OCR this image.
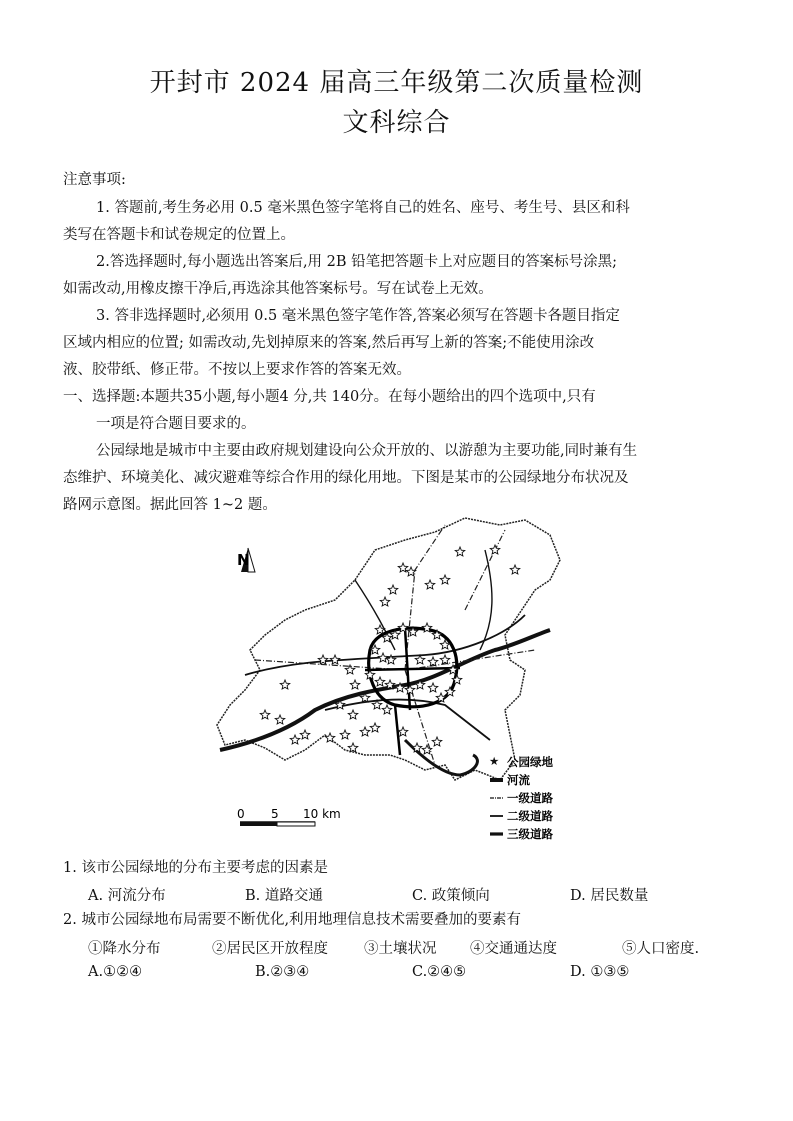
开封市 2024 届高三年级第二次质量检测
文科综合
注意事项:
1. 答题前,考生务必用 0.5 毫米黑色签字笔将自己的姓名、座号、考生号、县区和科
类写在答题卡和试卷规定的位置上。
2.答选择题时,每小题选出答案后,用 2B 铅笔把答题卡上对应题目的答案标号涂黑;
如需改动,用橡皮擦干净后,再选涂其他答案标号。写在试卷上无效。
3. 答非选择题时,必须用 0.5 毫米黑色签字笔作答,答案必须写在答题卡各题目指定
区域内相应的位置; 如需改动,先划掉原来的答案,然后再写上新的答案;不能使用涂改
液、胶带纸、修正带。不按以上要求作答的答案无效。
一、选择题:本题共35小题,每小题4 分,共 140分。在每小题给出的四个选项中,只有
一项是符合题目要求的。
公园绿地是城市中主要由政府规划建设向公众开放的、以游憩为主要功能,同时兼有生
态维护、环境美化、减灾避难等综合作用的绿化用地。下图是某市的公园绿地分布状况及
路网示意图。据此回答 1~2 题。
N
0 5 10 km
★ 公园绿地
河流
一级道路
二级道路
三级道路
1. 该市公园绿地的分布主要考虑的因素是
A. 河流分布	B. 道路交通	C. 政策倾向	D. 居民数量
2. 城市公园绿地布局需要不断优化,利用地理信息技术需要叠加的要素有
①降水分布	②居民区开放程度 ③土壤状况 ④交通通达度	⑤人口密度.
A.①②④	B.②③④	C.②④⑤	D. ①③⑤
